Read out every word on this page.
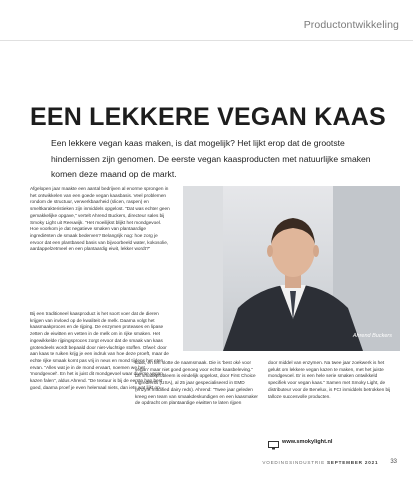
Productontwikkeling
EEN LEKKERE VEGAN KAAS

Een lekkere vegan kaas maken, is dat mogelijk? Het lijkt erop dat de grootste hindernissen zijn genomen. De eerste vegan kaasproducten met natuurlijke smaken komen deze maand op de markt.

Afgelopen jaar maakte een aantal bedrijven al enorme sprongen in het ontwikkelen van een goede vegan kaasbasis. Veel problemen rondom de structuur, verwerkbaarheid (slicen, raspen) en smeltkarakteristieken zijn inmiddels opgelost. "Dat was echter geen gemakkelijke opgave," vertelt Ahrend Buckers, directeur sales bij Smoky Light uit Reeuwijk. "Het moeilijkst blijkt het mondgevoel. Hoe voorkom je dat negatieve smaken van plantaardige ingrediënten de smaak bederven? Belangrijk nog: hoe zorg je ervoor dat een plantbased basis van bijvoorbeeld water, kokosolie, aardappelzetmeel en een plantaardig eiwit, lekker wordt?"

Ahrend Buckers

Bij een traditioneel kaasproduct is het soort voer dat de dieren krijgen van invloed op de kwaliteit de melk. Daarna volgt het kaasmaakproces en de rijping. De enzymen proteases en lipase zetten de eiwitten en vetten in de melk om in rijke smaken. Het ingewikkelde rijpingsproces zorgt ervoor dat de smaak van kaas grotendeels wordt bepaald door niet-vluchtige stoffen. Ofwel: door aan kaas te ruiken krijg je een indruk van hoe deze proeft, maar de echte rijke smaak komt pas vrij in neus en mond tijdens het eten ervan. "Alles wat je in de mond ervaart, noemen we het 'mondgevoel'. En het is juist dit mondgevoel waar diverse vegan kazen falen", aldus Ahrend. "De textuur is bij de eerste hap best goed, daarna proef je even helemaal niets, dan iets wat lijkt op

kaas, en ten slotte de naamsmaak. Die is 'best oké voor vegan' maar niet goed genoeg voor echte kaasbeleving." Dit smaakprobleem is eindelijk opgelost, door First Choice Ingredients (USA), al 25 jaar gespecialiseerd in EMD (enzym modified dairy reds). Ahrend: "Twee jaar geleden kreeg een team van smaakdeskundigen en een kaasmaker de opdracht om plantaardige eiwitten te laten rijpen

door middel van enzymen. Na twee jaar zoekwerk is het gelukt om lekkere vegan kazen te maken, met het juiste mondgevoel. Er is een hele serie smaken ontwikkeld specifiek voor vegan kaas." Samen met Smoky Light, de distributeur voor de Benelux, is FCI inmiddels betrokken bij talloze succesvolle producten.

www.smokylight.nl
VOEDINGSINDUSTRIE SEPTEMBER 2021 33
